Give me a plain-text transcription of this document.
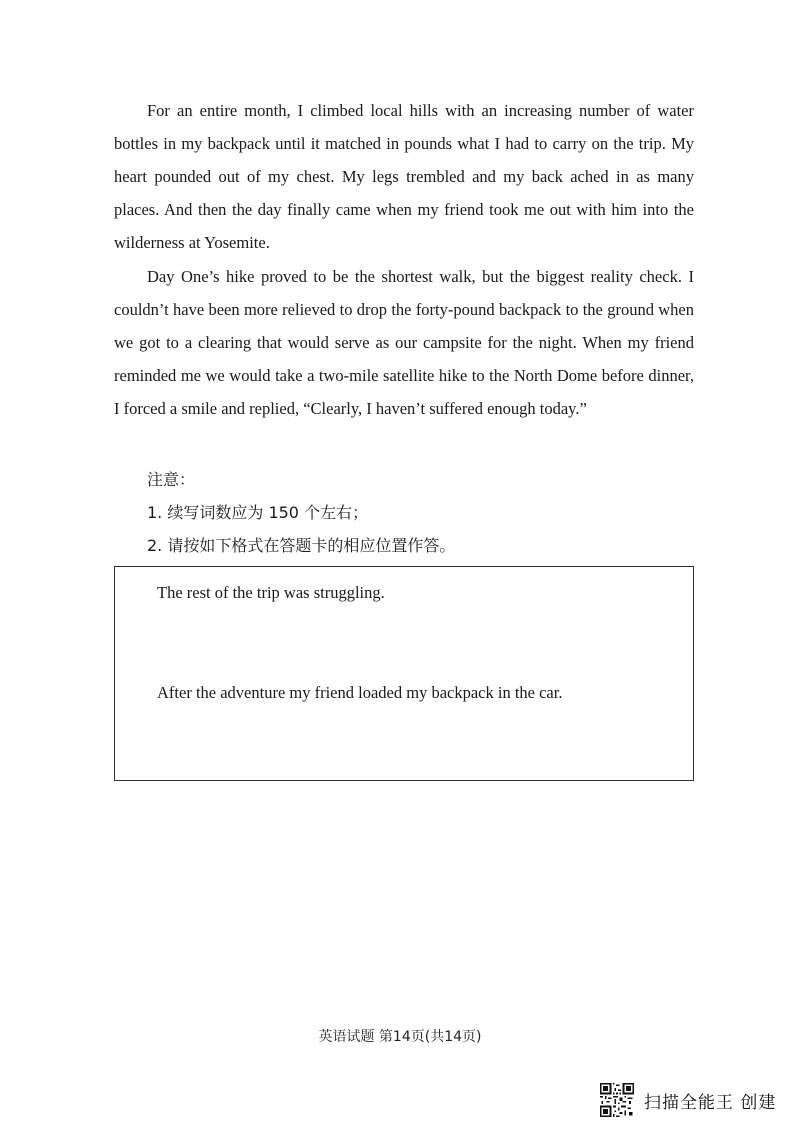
For an entire month, I climbed local hills with an increasing number of water bottles in my backpack until it matched in pounds what I had to carry on the trip. My heart pounded out of my chest. My legs trembled and my back ached in as many places. And then the day finally came when my friend took me out with him into the wilderness at Yosemite.

Day One’s hike proved to be the shortest walk, but the biggest reality check. I couldn’t have been more relieved to drop the forty-pound backpack to the ground when we got to a clearing that would serve as our campsite for the night. When my friend reminded me we would take a two-mile satellite hike to the North Dome before dinner, I forced a smile and replied, “Clearly, I haven’t suffered enough today.”

注意：

1. 续写词数应为 150 个左右；

2. 请按如下格式在答题卡的相应位置作答。

The rest of the trip was struggling.

After the adventure my friend loaded my backpack in the car.

英语试题 第14页(共14页)
扫描全能王 创建
